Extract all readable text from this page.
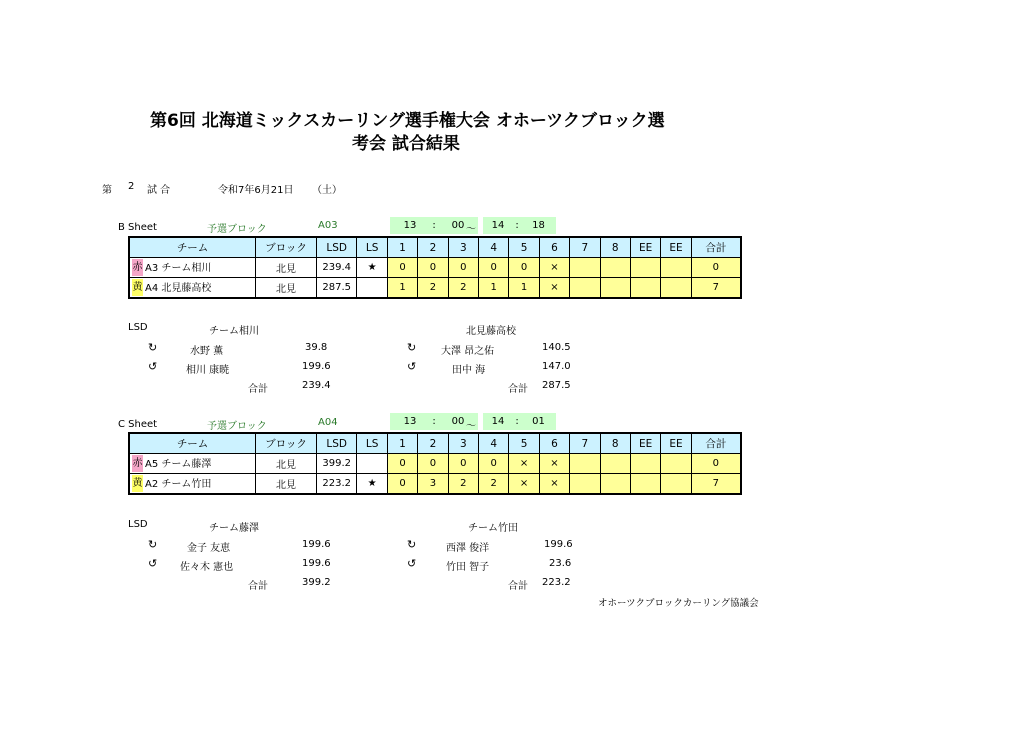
第6回 北海道ミックスカーリング選手権大会 オホーツクブロック選
考会 試合結果
第 2 試 合	令和7年6月21日 （土）
B Sheet	予選ブロック	A03	13	:	00 ～	14	:	18
チーム	ブロック	LSD	LS	1	2	3	4	5	6	7	8	EE	EE	合計
赤 A3 チーム相川	北見	239.4	★	0	0	0	0	0	×					0
黄 A4 北見藤高校	北見	287.5		1	2	2	1	1	×					7
LSD	チーム相川
↻	水野 薫	39.8
↺	相川 康暁	199.6
合計	239.4
北見藤高校
↻ 大澤 昂之佑	140.5
↺	田中 海	147.0
合計 287.5
C Sheet	予選ブロック	A04	13	:	00 ～	14	:	01
チーム	ブロック	LSD	LS	1	2	3	4	5	6	7	8	EE	EE	合計
赤 A5 チーム藤澤	北見	399.2		0	0	0	0	×	×					0
黄 A2 チーム竹田	北見	223.2	★	0	3	2	2	×	×					7
LSD	チーム藤澤
↻	金子 友恵	199.6
↺ 佐々木 憲也	199.6
合計	399.2
チーム竹田
↻	西澤 俊洋	199.6
↺	竹田 智子	23.6
合計 223.2
オホーツクブロックカーリング協議会
